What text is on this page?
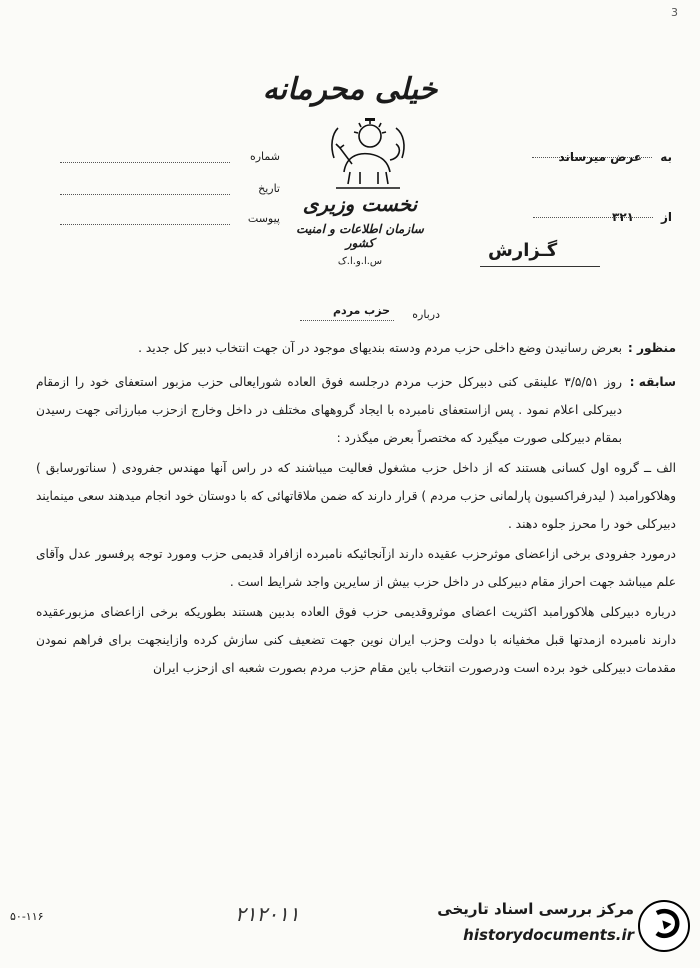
3
خیلی محرمانه
شماره
تاریخ
پیوست
نخست وزیری
سازمان اطلاعات و امنیت کشور
س.ا.و.ا.ک
به
عرض میرساند
از
۳۲۱
گـزارش
درباره
حزب مردم
منظور :
بعرض رسانیدن وضع داخلی حزب مردم ودسته بندیهای موجود در آن جهت انتخاب دبیر کل جدید .
سابقه :
روز ۳/۵/۵۱ علینقی کنی دبیرکل حزب مردم درجلسه فوق العاده شورایعالی حزب مزبور استعفای خود را ازمقام دبیرکلی اعلام نمود . پس ازاستعفای نامبرده با ایجاد گروههای مختلف در داخل وخارج ازحزب مبارزاتی جهت رسیدن بمقام دبیرکلی صورت میگیرد که مختصراً بعرض میگذرد :
الف ــ گروه اول کسانی هستند که از داخل حزب مشغول فعالیت میباشند که در راس آنها مهندس جفرودی ( سناتورسابق ) وهلاکورامبد ( لیدرفراکسیون پارلمانی حزب مردم ) قرار دارند که ضمن ملاقاتهائی که با دوستان خود انجام میدهند سعی مینمایند دبیرکلی خود را محرز جلوه دهند .
درمورد جفرودی برخی ازاعضای موثرحزب عقیده دارند ازآنجائیکه نامبرده ازافراد قدیمی حزب ومورد توجه پرفسور عدل وآقای علم میباشد جهت احراز مقام دبیرکلی در داخل حزب بیش از سایرین واجد شرایط است .
درباره دبیرکلی هلاکورامبد اکثریت اعضای موثروقدیمی حزب فوق العاده بدبین هستند بطوریکه برخی ازاعضای مزبورعقیده دارند نامبرده ازمدتها قبل مخفیانه با دولت وحزب ایران نوین جهت تضعیف کنی سازش کرده وازاینجهت برای فراهم نمودن مقدمات دبیرکلی خود برده است ودرصورت انتخاب باین مقام حزب مردم بصورت شعبه ای ازحزب ایران
۵۰-۱۱۶	۲۱۲۰۱۱	مرکز بررسی اسناد تاریخی
historydocuments.ir
